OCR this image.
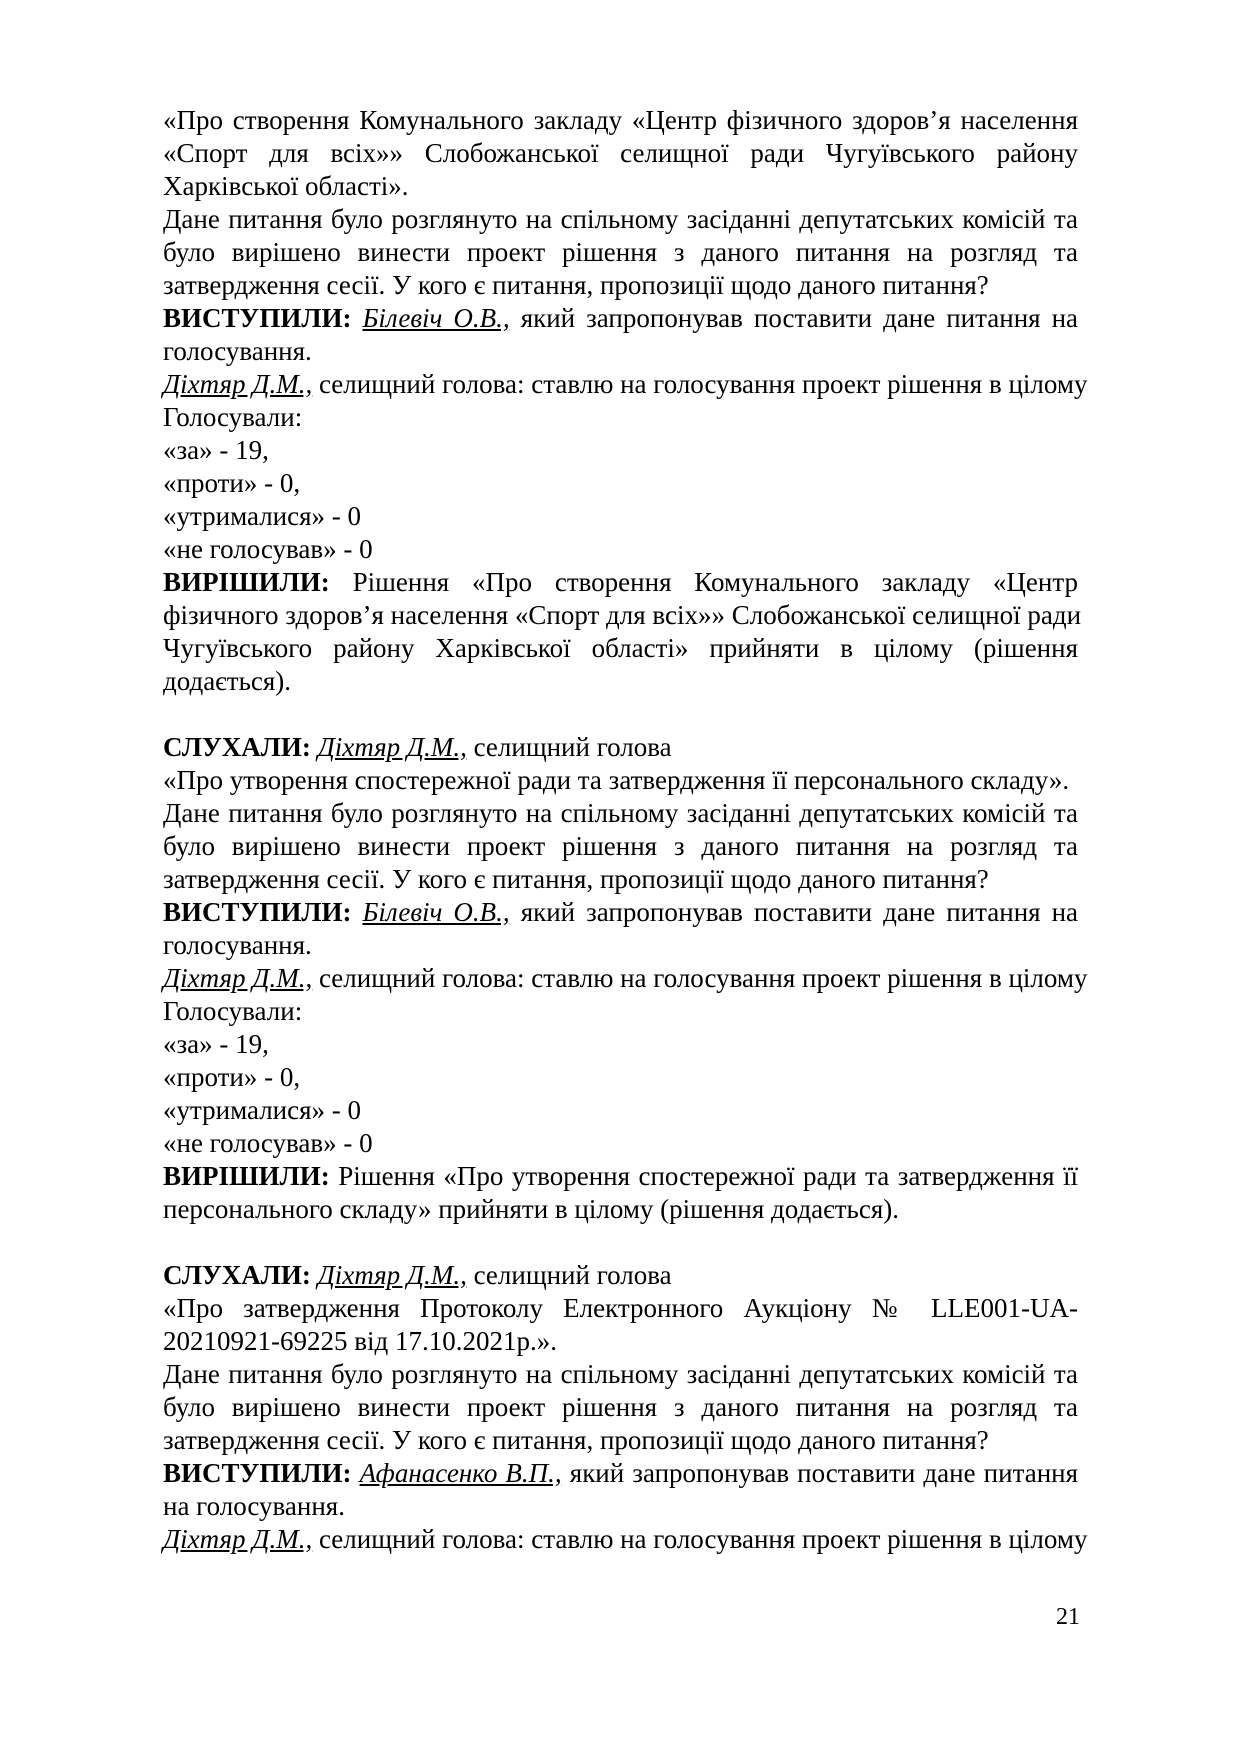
«Про створення Комунального закладу «Центр фізичного здоров’я населення
«Спорт для всіх»» Слобожанської селищної ради Чугуївського району
Харківської області».
Дане питання було розглянуто на спільному засіданні депутатських комісій та
було вирішено винести проект рішення з даного питання на розгляд та
затвердження сесії. У кого є питання, пропозиції щодо даного питання?
ВИСТУПИЛИ: Білевіч О.В., який запропонував поставити дане питання на
голосування.
Діхтяр Д.М., селищний голова: ставлю на голосування проект рішення в цілому
Голосували:
«за» - 19,
«проти» - 0,
«утрималися» - 0
«не голосував» - 0
ВИРІШИЛИ: Рішення «Про створення Комунального закладу «Центр
фізичного здоров’я населення «Спорт для всіх»» Слобожанської селищної ради
Чугуївського району Харківської області» прийняти в цілому (рішення
додається).
СЛУХАЛИ: Діхтяр Д.М., селищний голова
«Про утворення спостережної ради та затвердження її персонального складу».
Дане питання було розглянуто на спільному засіданні депутатських комісій та
було вирішено винести проект рішення з даного питання на розгляд та
затвердження сесії. У кого є питання, пропозиції щодо даного питання?
ВИСТУПИЛИ: Білевіч О.В., який запропонував поставити дане питання на
голосування.
Діхтяр Д.М., селищний голова: ставлю на голосування проект рішення в цілому
Голосували:
«за» - 19,
«проти» - 0,
«утрималися» - 0
«не голосував» - 0
ВИРІШИЛИ: Рішення «Про утворення спостережної ради та затвердження її
персонального складу» прийняти в цілому (рішення додається).
СЛУХАЛИ: Діхтяр Д.М., селищний голова
«Про затвердження Протоколу Електронного Аукціону № LLE001-UA-
20210921-69225 від 17.10.2021р.».
Дане питання було розглянуто на спільному засіданні депутатських комісій та
було вирішено винести проект рішення з даного питання на розгляд та
затвердження сесії. У кого є питання, пропозиції щодо даного питання?
ВИСТУПИЛИ: Афанасенко В.П., який запропонував поставити дане питання
на голосування.
Діхтяр Д.М., селищний голова: ставлю на голосування проект рішення в цілому
21
